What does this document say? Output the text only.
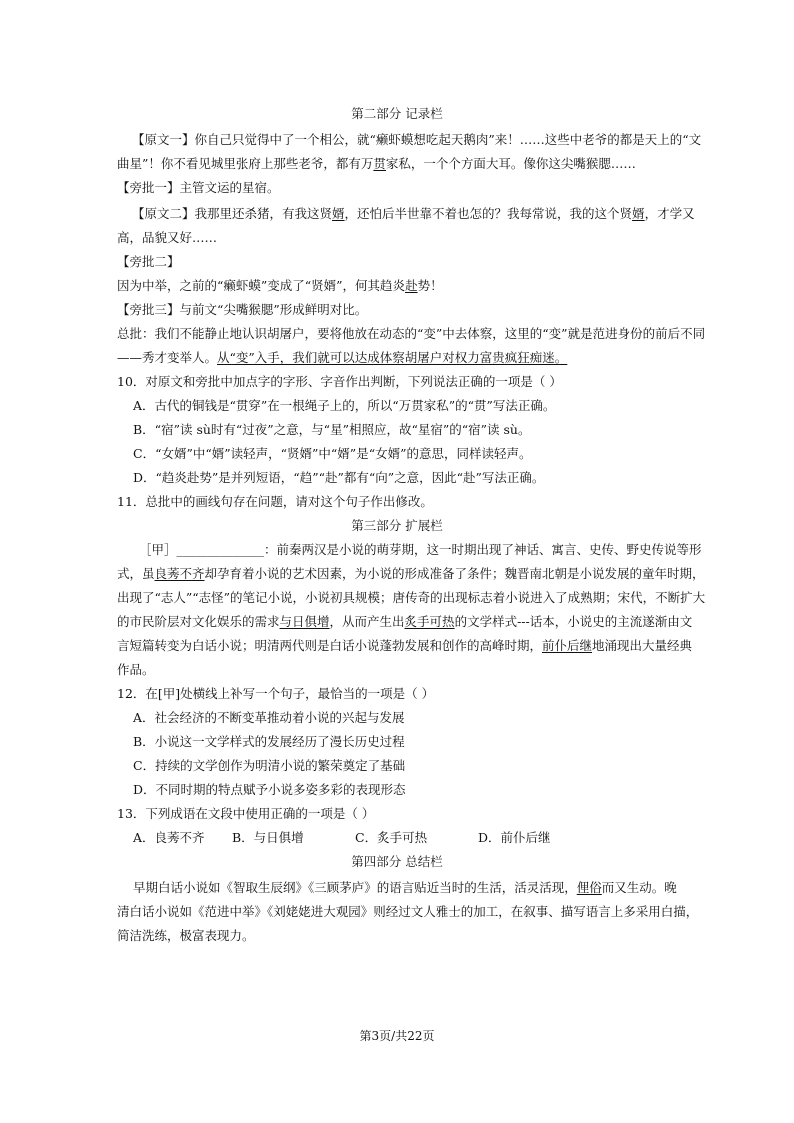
第二部分 记录栏
【原文一】你自己只觉得中了一个相公，就“癞虾蟆想吃起天鹅肉”来！……这些中老爷的都是天上的“文
曲星”！你不看见城里张府上那些老爷，都有万贯家私，一个个方面大耳。像你这尖嘴猴腮……
【旁批一】主管文运的星宿。
【原文二】我那里还杀猪，有我这贤婿，还怕后半世靠不着也怎的？我每常说，我的这个贤婿，才学又
高，品貌又好……
【旁批二】
因为中举，之前的“癞虾蟆”变成了“贤婿”，何其趋炎赴势！
【旁批三】与前文“尖嘴猴腮”形成鲜明对比。
总批：我们不能静止地认识胡屠户，要将他放在动态的“变”中去体察，这里的“变”就是范进身份的前后不同
——秀才变举人。从“变”入手，我们就可以达成体察胡屠户对权力富贵疯狂痴迷。
10．对原文和旁批中加点字的字形、字音作出判断，下列说法正确的一项是（ ）
A．古代的铜钱是“贯穿”在一根绳子上的，所以“万贯家私”的“贯”写法正确。
B．“宿”读 sù时有“过夜”之意，与“星”相照应，故“星宿”的“宿”读 sù。
C．“女婿”中“婿”读轻声，“贤婿”中“婿”是“女婿”的意思，同样读轻声。
D．“趋炎赴势”是并列短语，“趋”“赴”都有“向”之意，因此“赴”写法正确。
11．总批中的画线句存在问题，请对这个句子作出修改。
第三部分 扩展栏
［甲］______________：前秦两汉是小说的萌芽期，这一时期出现了神话、寓言、史传、野史传说等形
式，虽良莠不齐却孕育着小说的艺术因素，为小说的形成准备了条件；魏晋南北朝是小说发展的童年时期，
出现了“志人”“志怪”的笔记小说，小说初具规模；唐传奇的出现标志着小说进入了成熟期；宋代，不断扩大
的市民阶层对文化娱乐的需求与日俱增，从而产生出炙手可热的文学样式---话本，小说史的主流遂渐由文
言短篇转变为白话小说；明清两代则是白话小说蓬勃发展和创作的高峰时期，前仆后继地涌现出大量经典
作品。
12．在[甲]处横线上补写一个句子，最恰当的一项是（ ）
A．社会经济的不断变革推动着小说的兴起与发展
B．小说这一文学样式的发展经历了漫长历史过程
C．持续的文学创作为明清小说的繁荣奠定了基础
D．不同时期的特点赋予小说多姿多彩的表现形态
13．下列成语在文段中使用正确的一项是（ ）
A．良莠不齐 B．与日俱增	C．炙手可热	D．前仆后继
第四部分 总结栏
早期白话小说如《智取生辰纲》《三顾茅庐》的语言贴近当时的生活，活灵活现，俚俗而又生动。晚
清白话小说如《范进中举》《刘姥姥进大观园》则经过文人雅士的加工，在叙事、描写语言上多采用白描，
简洁洗练，极富表现力。
第3页/共22页
